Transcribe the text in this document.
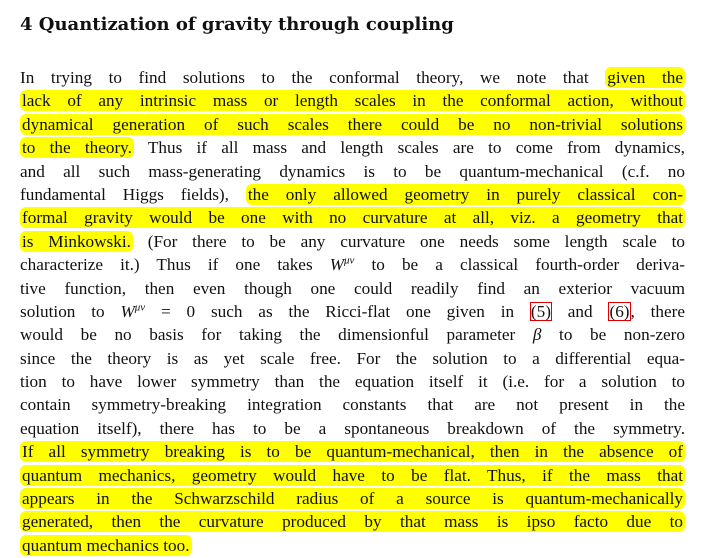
4 Quantization of gravity through coupling
In trying to find solutions to the conformal theory, we note that given the
lack of any intrinsic mass or length scales in the conformal action, without
dynamical generation of such scales there could be no non-trivial solutions
to the theory. Thus if all mass and length scales are to come from dynamics,
and all such mass-generating dynamics is to be quantum-mechanical (c.f. no
fundamental Higgs fields), the only allowed geometry in purely classical con-
formal gravity would be one with no curvature at all, viz. a geometry that
is Minkowski. (For there to be any curvature one needs some length scale to
characterize it.) Thus if one takes $W^{\mu\nu}$ to be a classical fourth-order deriva-
tive function, then even though one could readily find an exterior vacuum
solution to $W^{\mu\nu} = 0$ such as the Ricci-flat one given in (5) and (6), there
would be no basis for taking the dimensionful parameter β to be non-zero
since the theory is as yet scale free. For the solution to a differential equa-
tion to have lower symmetry than the equation itself it (i.e. for a solution to
contain symmetry-breaking integration constants that are not present in the
equation itself), there has to be a spontaneous breakdown of the symmetry.
If all symmetry breaking is to be quantum-mechanical, then in the absence of
quantum mechanics, geometry would have to be flat. Thus, if the mass that
appears in the Schwarzschild radius of a source is quantum-mechanically
generated, then the curvature produced by that mass is ipso facto due to
quantum mechanics too.
